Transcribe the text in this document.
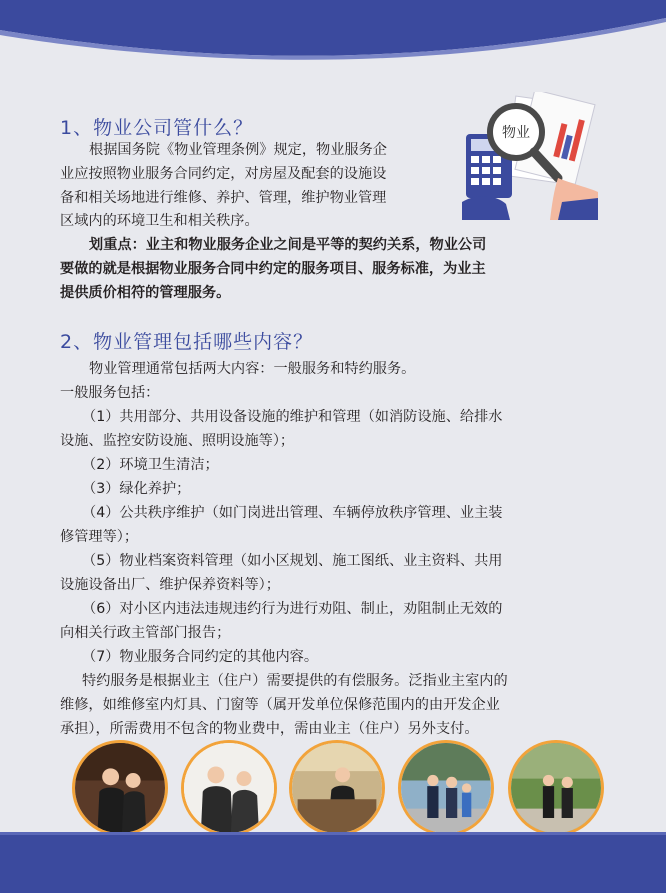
1、物业公司管什么？
根据国务院《物业管理条例》规定，物业服务企
业应按照物业服务合同约定，对房屋及配套的设施设
备和相关场地进行维修、养护、管理，维护物业管理
区域内的环境卫生和相关秩序。
划重点：业主和物业服务企业之间是平等的契约关系，物业公司
要做的就是根据物业服务合同中约定的服务项目、服务标准，为业主
提供质价相符的管理服务。
物业
2、物业管理包括哪些内容？
物业管理通常包括两大内容：一般服务和特约服务。
一般服务包括：
（1）共用部分、共用设备设施的维护和管理（如消防设施、给排水
设施、监控安防设施、照明设施等）；
（2）环境卫生清洁；
（3）绿化养护；
（4）公共秩序维护（如门岗进出管理、车辆停放秩序管理、业主装
修管理等）；
（5）物业档案资料管理（如小区规划、施工图纸、业主资料、共用
设施设备出厂、维护保养资料等）；
（6）对小区内违法违规违约行为进行劝阻、制止，劝阻制止无效的
向相关行政主管部门报告；
（7）物业服务合同约定的其他内容。
特约服务是根据业主（住户）需要提供的有偿服务。泛指业主室内的
维修，如维修室内灯具、门窗等（属开发单位保修范围内的由开发企业
承担），所需费用不包含的物业费中，需由业主（住户）另外支付。
